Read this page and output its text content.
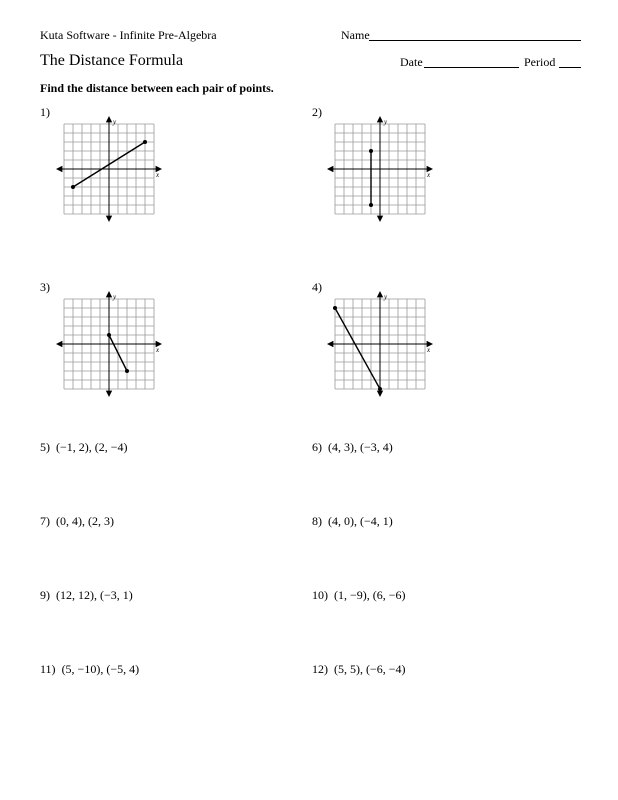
Kuta Software - Infinite Pre-Algebra	Name
The Distance Formula	Date	Period
Find the distance between each pair of points.
1)	2)
3)	4)
x
y
x
y
x
y
x
y
5) (−1, 2), (2, −4)	6) (4, 3), (−3, 4)
7) (0, 4), (2, 3)	8) (4, 0), (−4, 1)
9) (12, 12), (−3, 1)	10) (1, −9), (6, −6)
11) (5, −10), (−5, 4)	12) (5, 5), (−6, −4)
